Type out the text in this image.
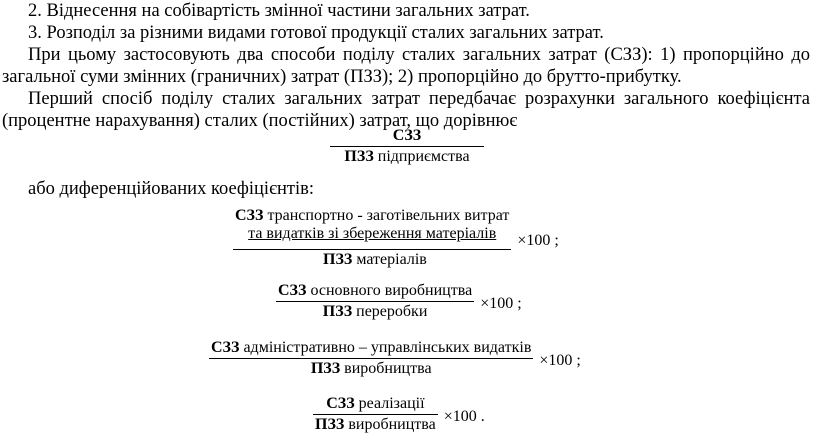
2. Віднесення на собівартість змінної частини загальних затрат.
3. Розподіл за різними видами готової продукції сталих загальних затрат.
При цьому застосовують два способи поділу сталих загальних затрат (СЗЗ): 1) пропорційно до
загальної суми змінних (граничних) затрат (ПЗЗ); 2) пропорційно до брутто-прибутку.
Перший спосіб поділу сталих загальних затрат передбачає розрахунки загального коефіцієнта
(процентне нарахування) сталих (постійних) затрат, що дорівнює
$\frac{\text{СЗЗ}}{\text{ПЗЗ підприємства}}$
або диференційованих коефіцієнтів:
СЗЗ транспортно - заготівельних витрат
та видатків зі збереження матеріалів
ПЗЗ матеріалів
×100 ;
$\frac{\text{СЗЗ основного виробництва}}{\text{ПЗЗ переробки}} \times 100$ ;
$\frac{\text{СЗЗ адміністративно – управлінських видатків}}{\text{ПЗЗ виробництва}} \times 100$ ;
$\frac{\text{СЗЗ реалізації}}{\text{ПЗЗ виробництва}} \times 100$ .
